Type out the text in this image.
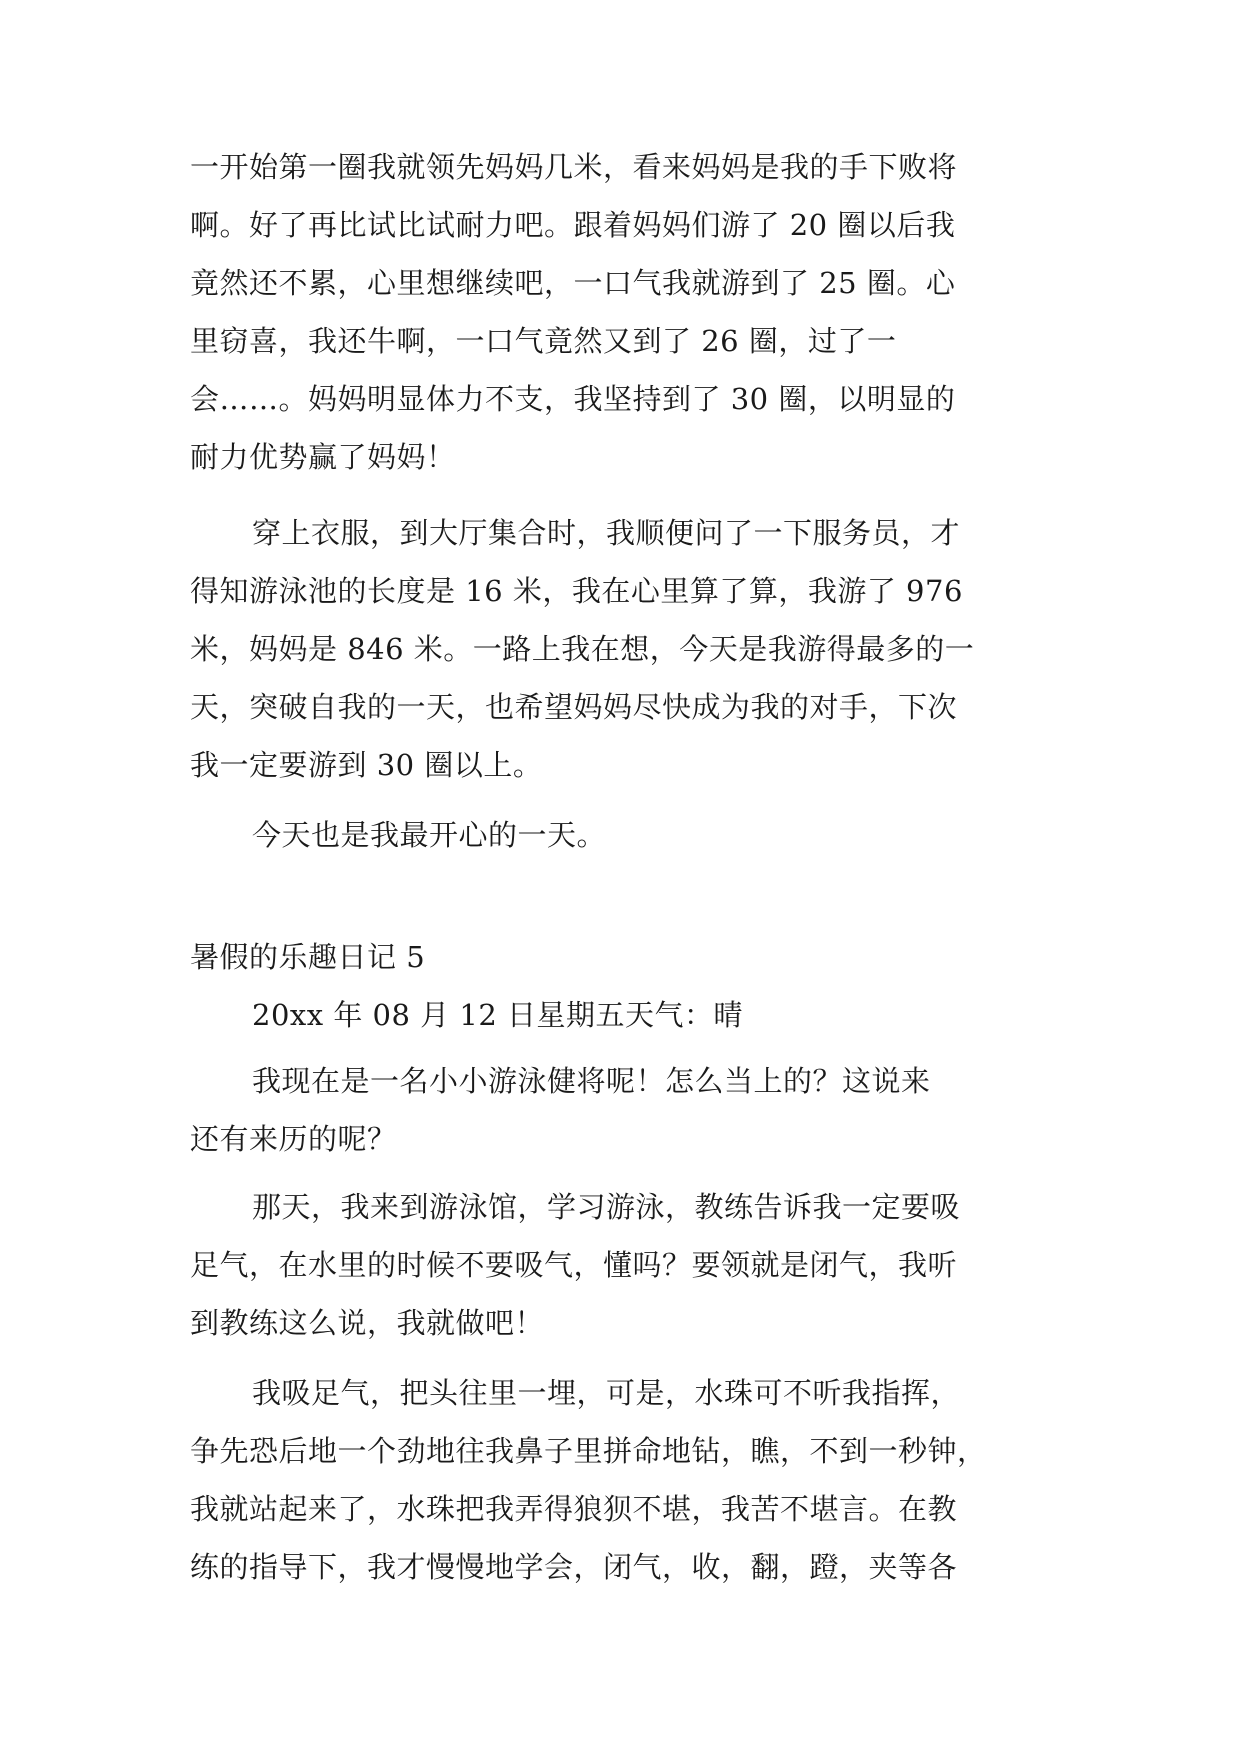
一开始第一圈我就领先妈妈几米，看来妈妈是我的手下败将
啊。好了再比试比试耐力吧。跟着妈妈们游了 20 圈以后我
竟然还不累，心里想继续吧，一口气我就游到了 25 圈。心
里窃喜，我还牛啊，一口气竟然又到了 26 圈，过了一
会……。妈妈明显体力不支，我坚持到了 30 圈，以明显的
耐力优势赢了妈妈！
穿上衣服，到大厅集合时，我顺便问了一下服务员，才
得知游泳池的长度是 16 米，我在心里算了算，我游了 976
米，妈妈是 846 米。一路上我在想，今天是我游得最多的一
天，突破自我的一天，也希望妈妈尽快成为我的对手，下次
我一定要游到 30 圈以上。
今天也是我最开心的一天。
暑假的乐趣日记 5
20xx 年 08 月 12 日星期五天气：晴
我现在是一名小小游泳健将呢！怎么当上的？这说来
还有来历的呢？
那天，我来到游泳馆，学习游泳，教练告诉我一定要吸
足气，在水里的时候不要吸气，懂吗？要领就是闭气，我听
到教练这么说，我就做吧！
我吸足气，把头往里一埋，可是，水珠可不听我指挥，
争先恐后地一个劲地往我鼻子里拼命地钻，瞧，不到一秒钟，
我就站起来了，水珠把我弄得狼狈不堪，我苦不堪言。在教
练的指导下，我才慢慢地学会，闭气，收，翻，蹬，夹等各
